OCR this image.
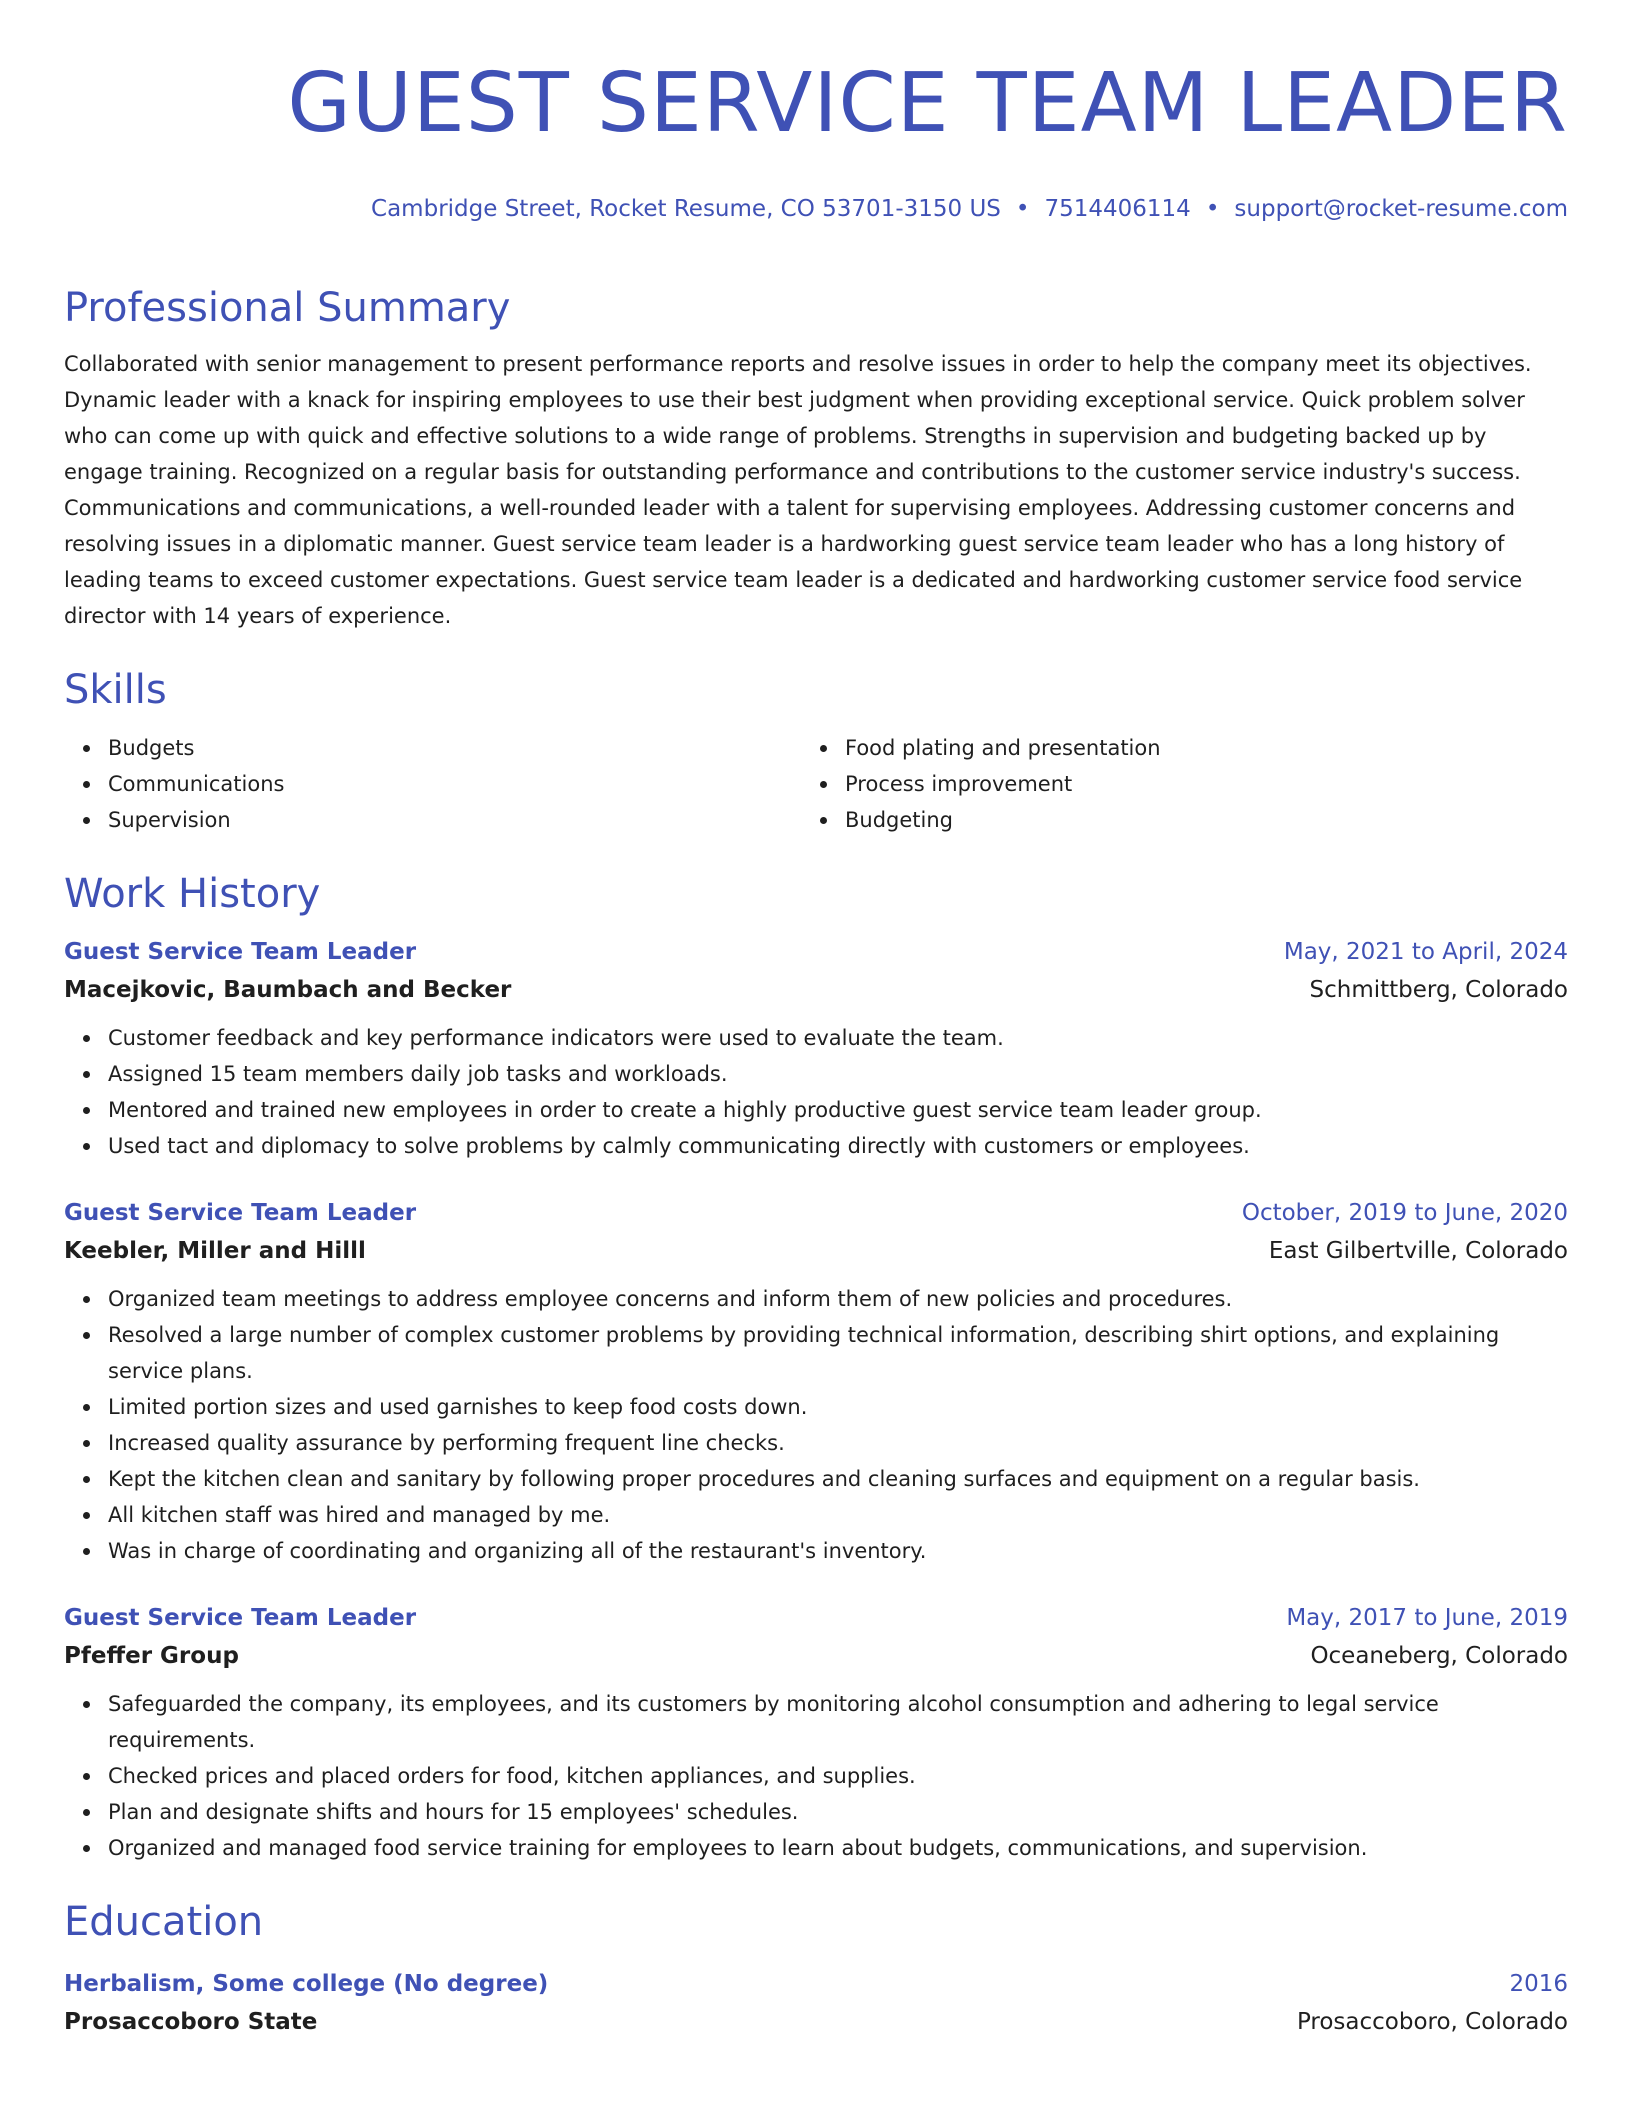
GUEST SERVICE TEAM LEADER
Cambridge Street, Rocket Resume, CO 53701-3150 US • 7514406114 • support@rocket-resume.com
Professional Summary
Collaborated with senior management to present performance reports and resolve issues in order to help the company meet its objectives. Dynamic leader with a knack for inspiring employees to use their best judgment when providing exceptional service. Quick problem solver who can come up with quick and effective solutions to a wide range of problems. Strengths in supervision and budgeting backed up by engage training. Recognized on a regular basis for outstanding performance and contributions to the customer service industry's success. Communications and communications, a well-rounded leader with a talent for supervising employees. Addressing customer concerns and resolving issues in a diplomatic manner. Guest service team leader is a hardworking guest service team leader who has a long history of leading teams to exceed customer expectations. Guest service team leader is a dedicated and hardworking customer service food service director with 14 years of experience.
Skills
Budgets
Communications
Supervision
Food plating and presentation
Process improvement
Budgeting
Work History
Guest Service Team Leader	May, 2021 to April, 2024
Macejkovic, Baumbach and Becker	Schmittberg, Colorado
Customer feedback and key performance indicators were used to evaluate the team.
Assigned 15 team members daily job tasks and workloads.
Mentored and trained new employees in order to create a highly productive guest service team leader group.
Used tact and diplomacy to solve problems by calmly communicating directly with customers or employees.
Guest Service Team Leader	October, 2019 to June, 2020
Keebler, Miller and Hilll	East Gilbertville, Colorado
Organized team meetings to address employee concerns and inform them of new policies and procedures.
Resolved a large number of complex customer problems by providing technical information, describing shirt options, and explaining service plans.
Limited portion sizes and used garnishes to keep food costs down.
Increased quality assurance by performing frequent line checks.
Kept the kitchen clean and sanitary by following proper procedures and cleaning surfaces and equipment on a regular basis.
All kitchen staff was hired and managed by me.
Was in charge of coordinating and organizing all of the restaurant's inventory.
Guest Service Team Leader	May, 2017 to June, 2019
Pfeffer Group	Oceaneberg, Colorado
Safeguarded the company, its employees, and its customers by monitoring alcohol consumption and adhering to legal service requirements.
Checked prices and placed orders for food, kitchen appliances, and supplies.
Plan and designate shifts and hours for 15 employees' schedules.
Organized and managed food service training for employees to learn about budgets, communications, and supervision.
Education
Herbalism, Some college (No degree)	2016
Prosaccoboro State	Prosaccoboro, Colorado
